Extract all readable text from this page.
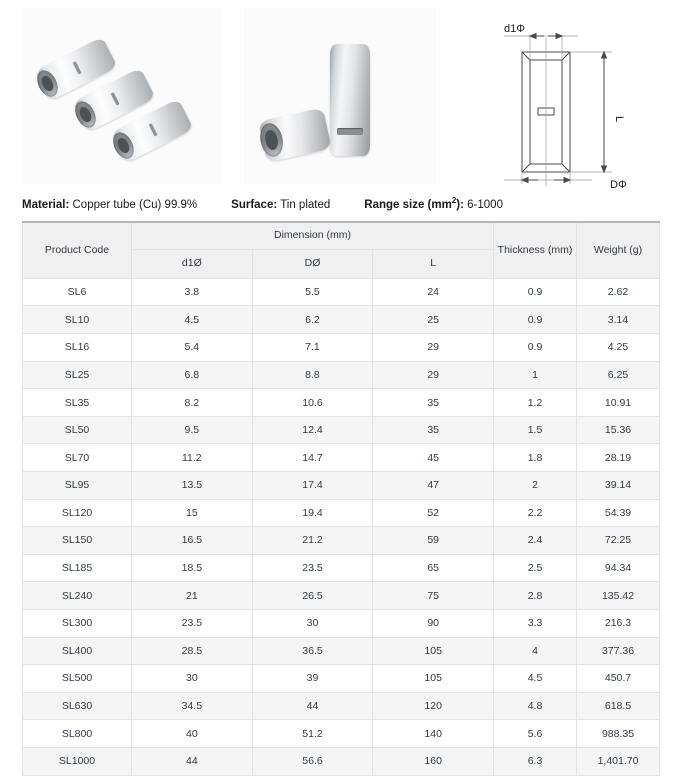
d1Φ
L
DΦ
Material: Copper tube (Cu) 99.9%	Surface: Tin plated	Range size $(mm^2)$: 6-1000
Product Code	Dimension (mm)			Thickness (mm)	Weight (g)
	d1Ø	DØ	L		
SL6	3.8	5.5	24	0.9	2.62
SL10	4.5	6.2	25	0.9	3.14
SL16	5.4	7.1	29	0.9	4.25
SL25	6.8	8.8	29	1	6.25
SL35	8.2	10.6	35	1.2	10.91
SL50	9.5	12.4	35	1.5	15.36
SL70	11.2	14.7	45	1.8	28.19
SL95	13.5	17.4	47	2	39.14
SL120	15	19.4	52	2.2	54.39
SL150	16.5	21.2	59	2.4	72.25
SL185	18.5	23.5	65	2.5	94.34
SL240	21	26.5	75	2.8	135.42
SL300	23.5	30	90	3.3	216.3
SL400	28.5	36.5	105	4	377.36
SL500	30	39	105	4.5	450.7
SL630	34.5	44	120	4.8	618.5
SL800	40	51.2	140	5.6	988.35
SL1000	44	56.6	160	6.3	1,401.70
